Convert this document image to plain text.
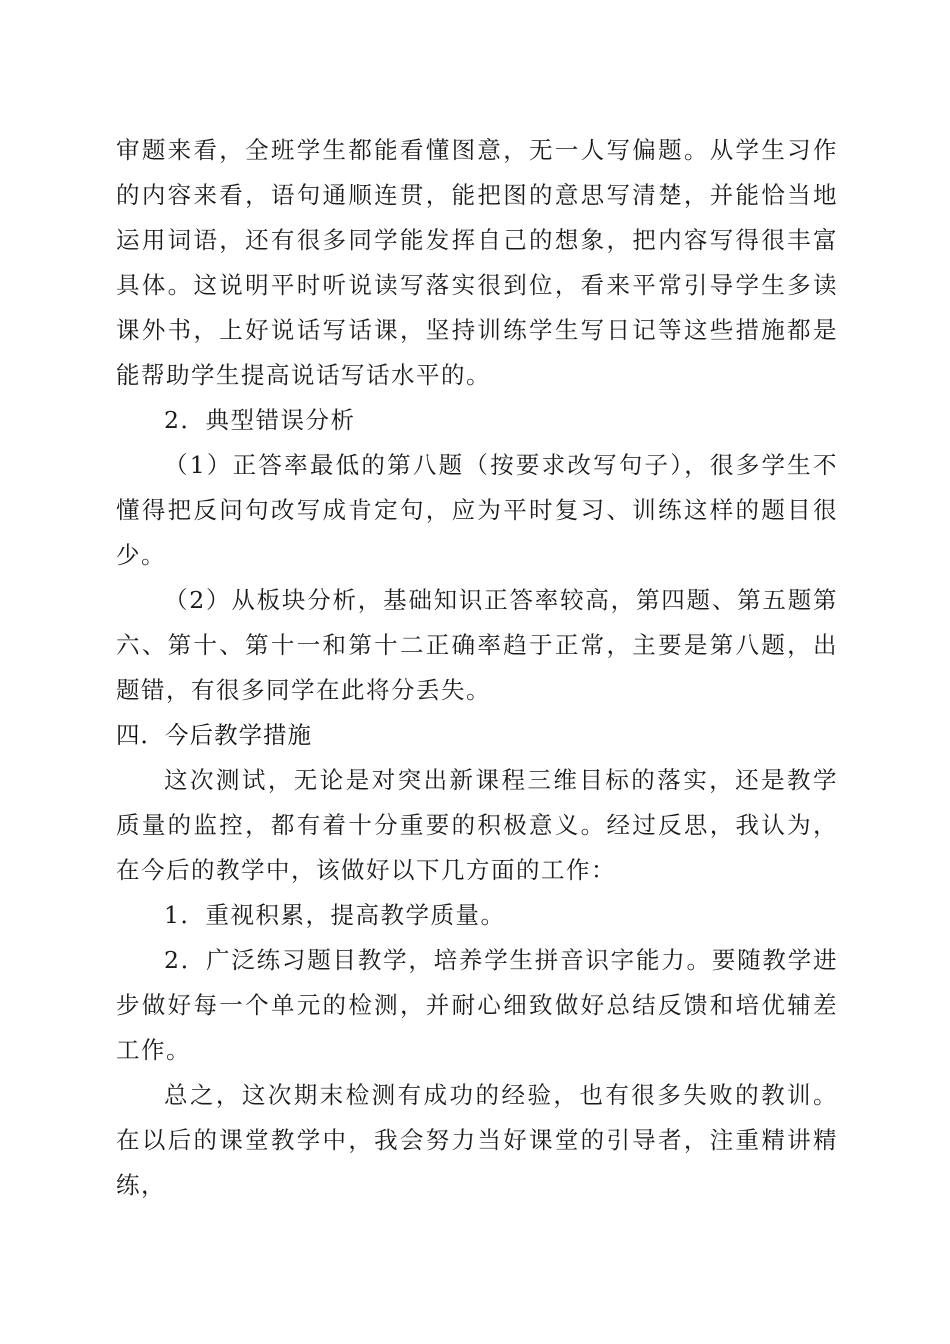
审题来看，全班学生都能看懂图意，无一人写偏题。从学生习作的内容来看，语句通顺连贯，能把图的意思写清楚，并能恰当地运用词语，还有很多同学能发挥自己的想象，把内容写得很丰富具体。这说明平时听说读写落实很到位，看来平常引导学生多读课外书，上好说话写话课，坚持训练学生写日记等这些措施都是能帮助学生提高说话写话水平的。

2．典型错误分析

（1）正答率最低的第八题（按要求改写句子），很多学生不懂得把反问句改写成肯定句，应为平时复习、训练这样的题目很少。

（2）从板块分析，基础知识正答率较高，第四题、第五题第六、第十、第十一和第十二正确率趋于正常，主要是第八题，出题错，有很多同学在此将分丢失。

四．今后教学措施

这次测试，无论是对突出新课程三维目标的落实，还是教学质量的监控，都有着十分重要的积极意义。经过反思，我认为，在今后的教学中，该做好以下几方面的工作：

1．重视积累，提高教学质量。

2．广泛练习题目教学，培养学生拼音识字能力。要随教学进步做好每一个单元的检测，并耐心细致做好总结反馈和培优辅差工作。

总之，这次期末检测有成功的经验，也有很多失败的教训。在以后的课堂教学中，我会努力当好课堂的引导者，注重精讲精练，
